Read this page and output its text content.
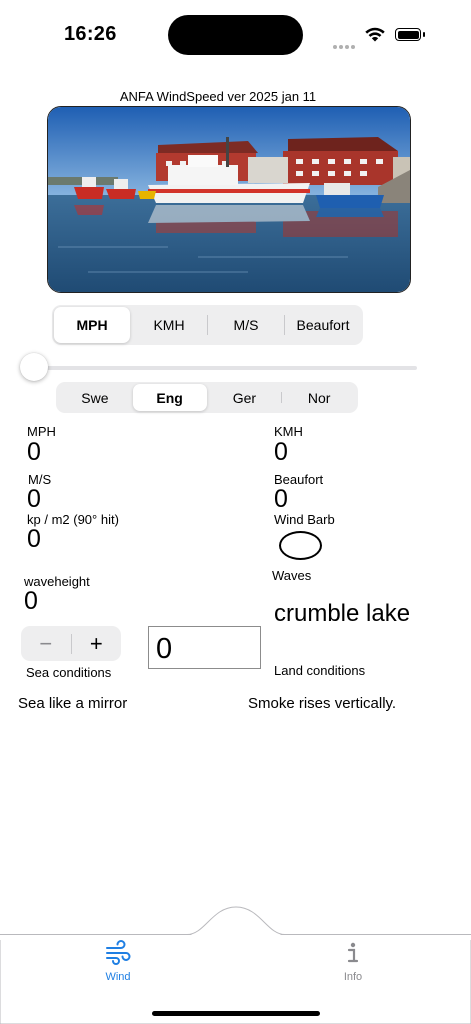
16:26
ANFA WindSpeed ver 2025 jan 11
MPH	KMH	M/S	Beaufort
Swe	Eng	Ger	Nor
MPH
0
KMH
0
M/S
0
Beaufort
0
kp / m2 (90° hit)
0
Wind Barb
waveheight
0
Waves
crumble lake
−	+	0
Sea conditions	Land conditions
Sea like a mirror	Smoke rises vertically.
Wind	Info
